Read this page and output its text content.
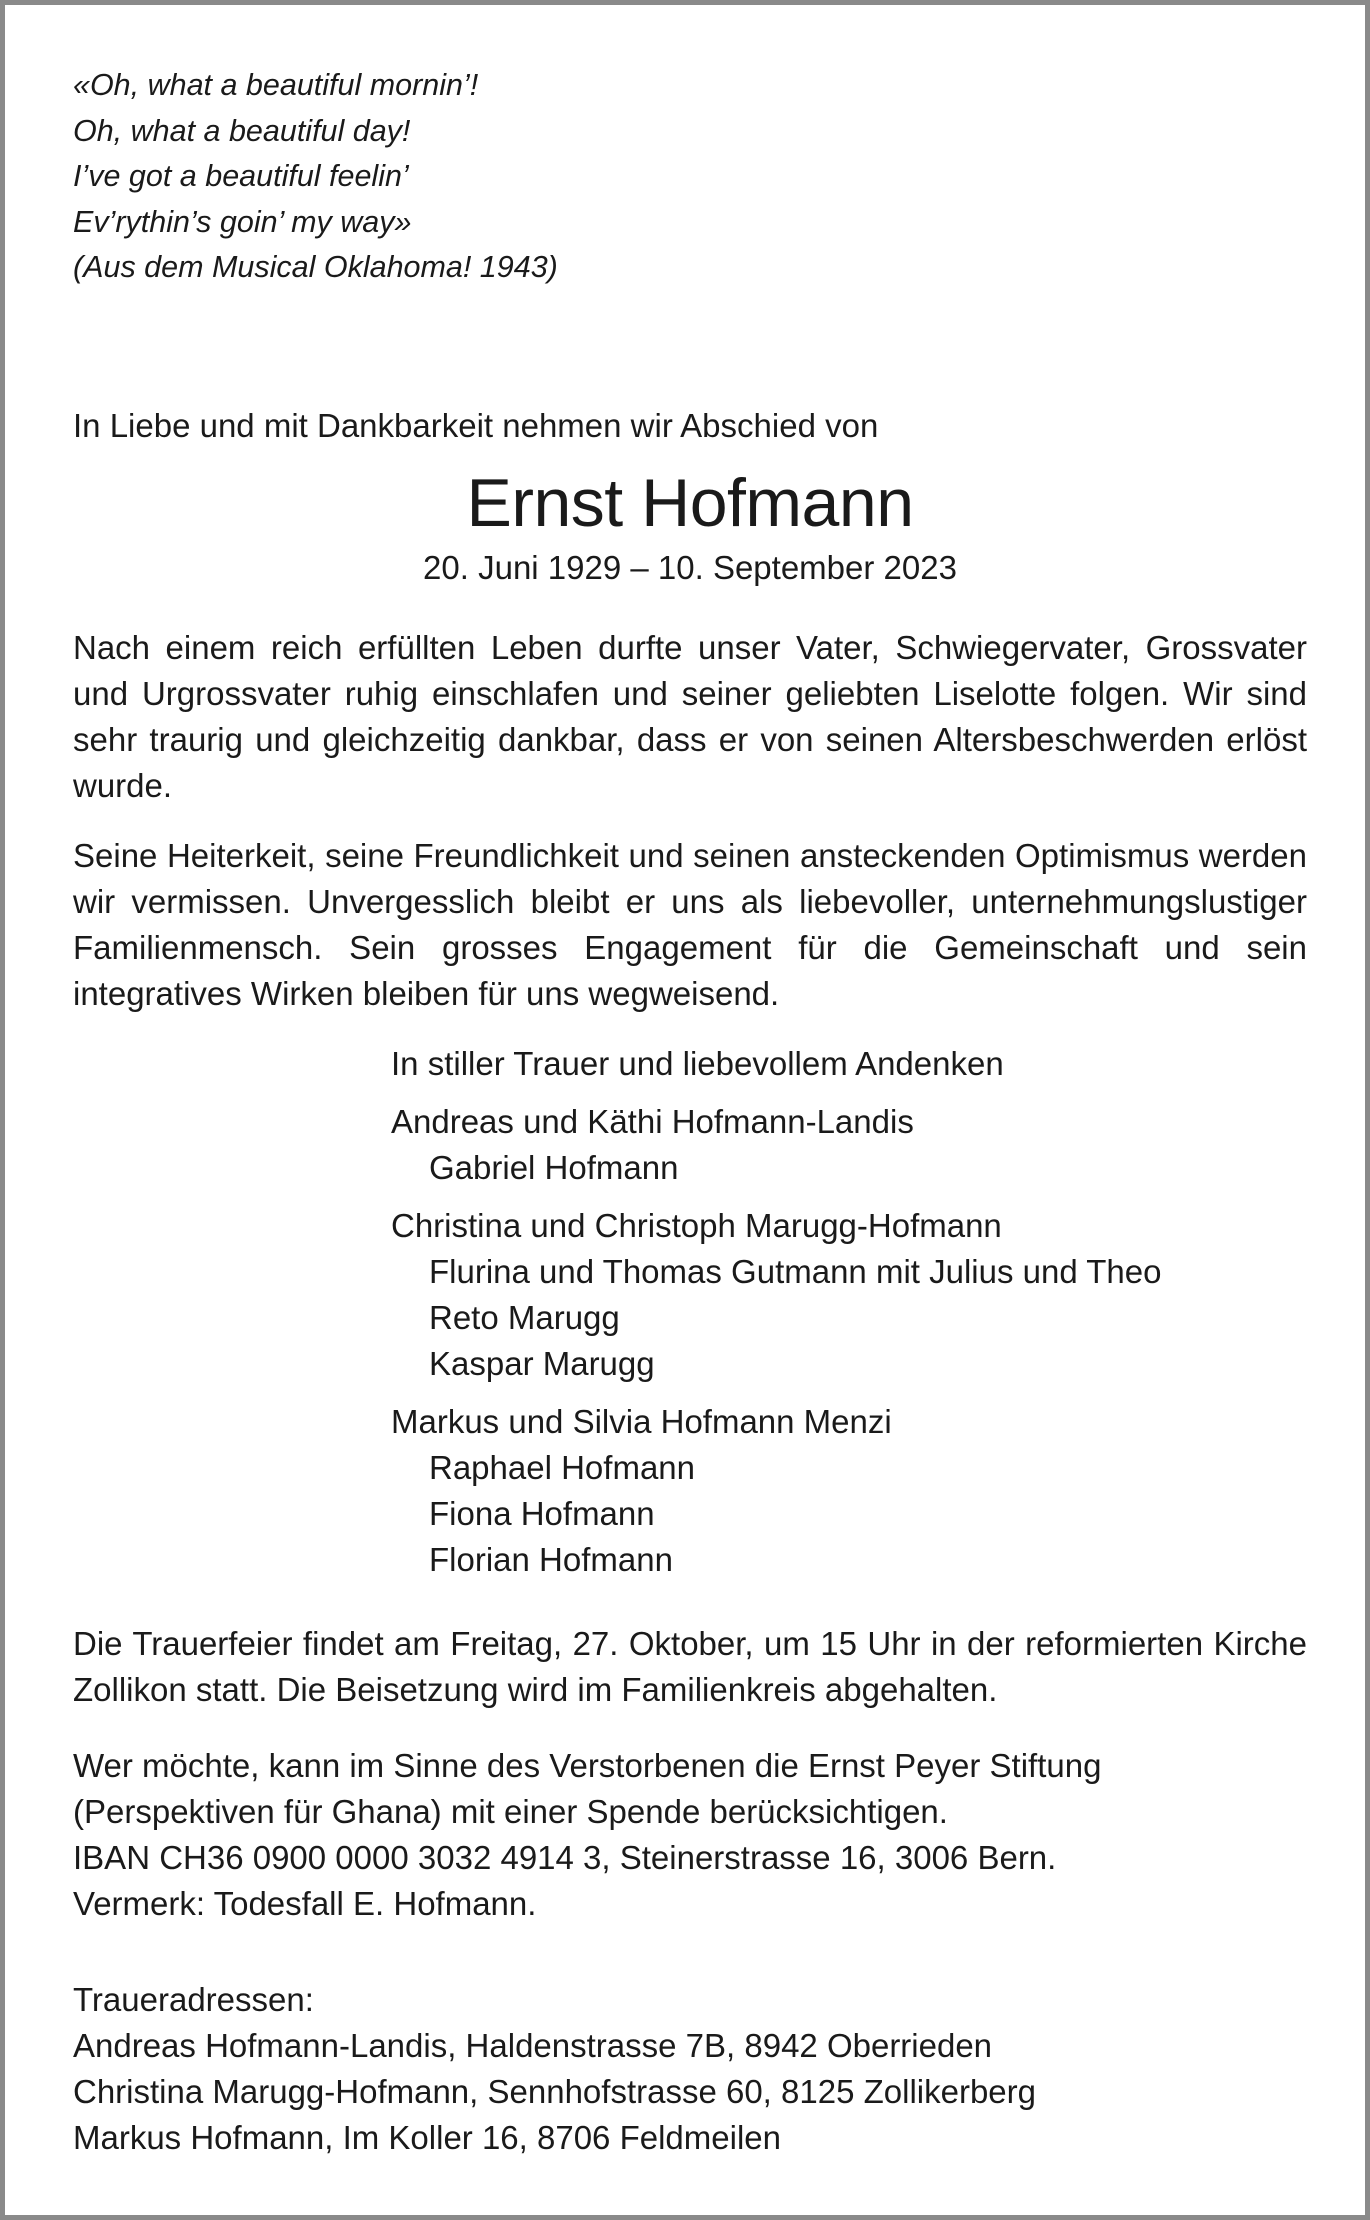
«Oh, what a beautiful mornin’!
Oh, what a beautiful day!
I’ve got a beautiful feelin’
Ev’rythin’s goin’ my way»
(Aus dem Musical Oklahoma! 1943)
In Liebe und mit Dankbarkeit nehmen wir Abschied von
Ernst Hofmann
20. Juni 1929 – 10. September 2023
Nach einem reich erfüllten Leben durfte unser Vater, Schwiegervater, Grossvater und Urgrossvater ruhig einschlafen und seiner geliebten Liselotte folgen. Wir sind sehr traurig und gleichzeitig dankbar, dass er von seinen Altersbeschwerden erlöst wurde.
Seine Heiterkeit, seine Freundlichkeit und seinen ansteckenden Optimismus werden wir vermissen. Unvergesslich bleibt er uns als liebevoller, unternehmungslustiger Familienmensch. Sein grosses Engagement für die Gemeinschaft und sein integratives Wirken bleiben für uns wegweisend.
In stiller Trauer und liebevollem Andenken
Andreas und Käthi Hofmann-Landis
Gabriel Hofmann
Christina und Christoph Marugg-Hofmann
Flurina und Thomas Gutmann mit Julius und Theo
Reto Marugg
Kaspar Marugg
Markus und Silvia Hofmann Menzi
Raphael Hofmann
Fiona Hofmann
Florian Hofmann
Die Trauerfeier findet am Freitag, 27. Oktober, um 15 Uhr in der reformierten Kirche Zollikon statt. Die Beisetzung wird im Familienkreis abgehalten.
Wer möchte, kann im Sinne des Verstorbenen die Ernst Peyer Stiftung
(Perspektiven für Ghana) mit einer Spende berücksichtigen.
IBAN CH36 0900 0000 3032 4914 3, Steinerstrasse 16, 3006 Bern.
Vermerk: Todesfall E. Hofmann.
Traueradressen:
Andreas Hofmann-Landis, Haldenstrasse 7B, 8942 Oberrieden
Christina Marugg-Hofmann, Sennhofstrasse 60, 8125 Zollikerberg
Markus Hofmann, Im Koller 16, 8706 Feldmeilen
